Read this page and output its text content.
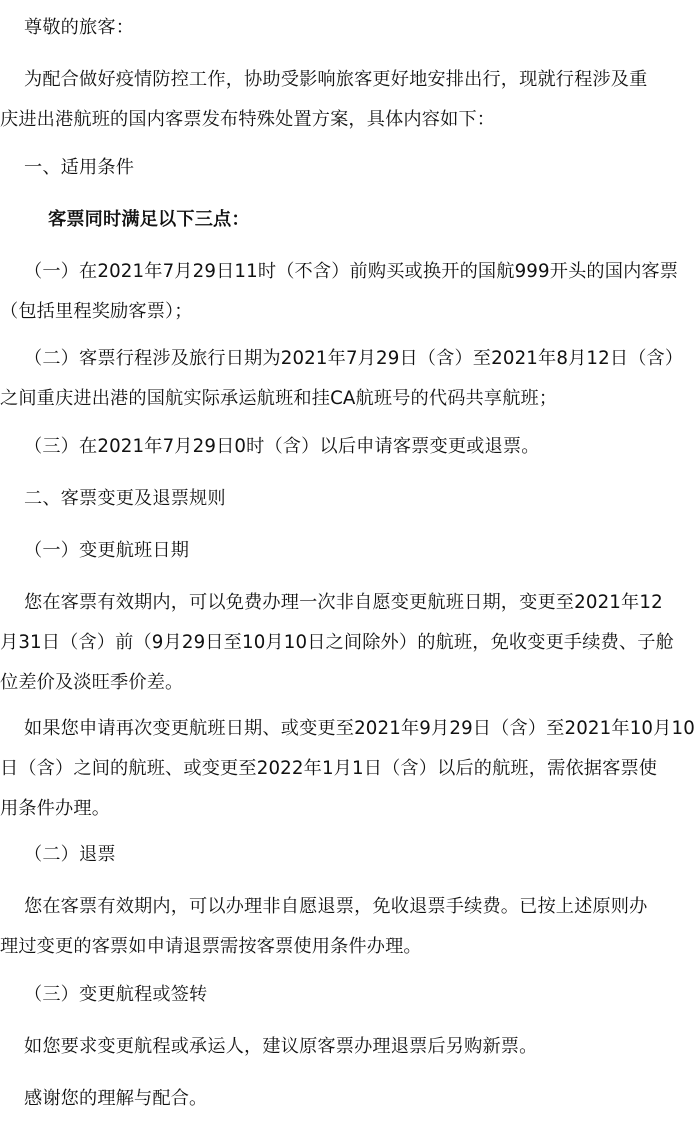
尊敬的旅客：

为配合做好疫情防控工作，协助受影响旅客更好地安排出行，现就行程涉及重
庆进出港航班的国内客票发布特殊处置方案，具体内容如下：

一、适用条件

客票同时满足以下三点：

（一）在2021年7月29日11时（不含）前购买或换开的国航999开头的国内客票
（包括里程奖励客票）；

（二）客票行程涉及旅行日期为2021年7月29日（含）至2021年8月12日（含）
之间重庆进出港的国航实际承运航班和挂CA航班号的代码共享航班；

（三）在2021年7月29日0时（含）以后申请客票变更或退票。

二、客票变更及退票规则

（一）变更航班日期

您在客票有效期内，可以免费办理一次非自愿变更航班日期，变更至2021年12
月31日（含）前（9月29日至10月10日之间除外）的航班，免收变更手续费、子舱
位差价及淡旺季价差。

如果您申请再次变更航班日期、或变更至2021年9月29日（含）至2021年10月10
日（含）之间的航班、或变更至2022年1月1日（含）以后的航班，需依据客票使
用条件办理。

（二）退票

您在客票有效期内，可以办理非自愿退票，免收退票手续费。已按上述原则办
理过变更的客票如申请退票需按客票使用条件办理。

（三）变更航程或签转

如您要求变更航程或承运人，建议原客票办理退票后另购新票。

感谢您的理解与配合。
